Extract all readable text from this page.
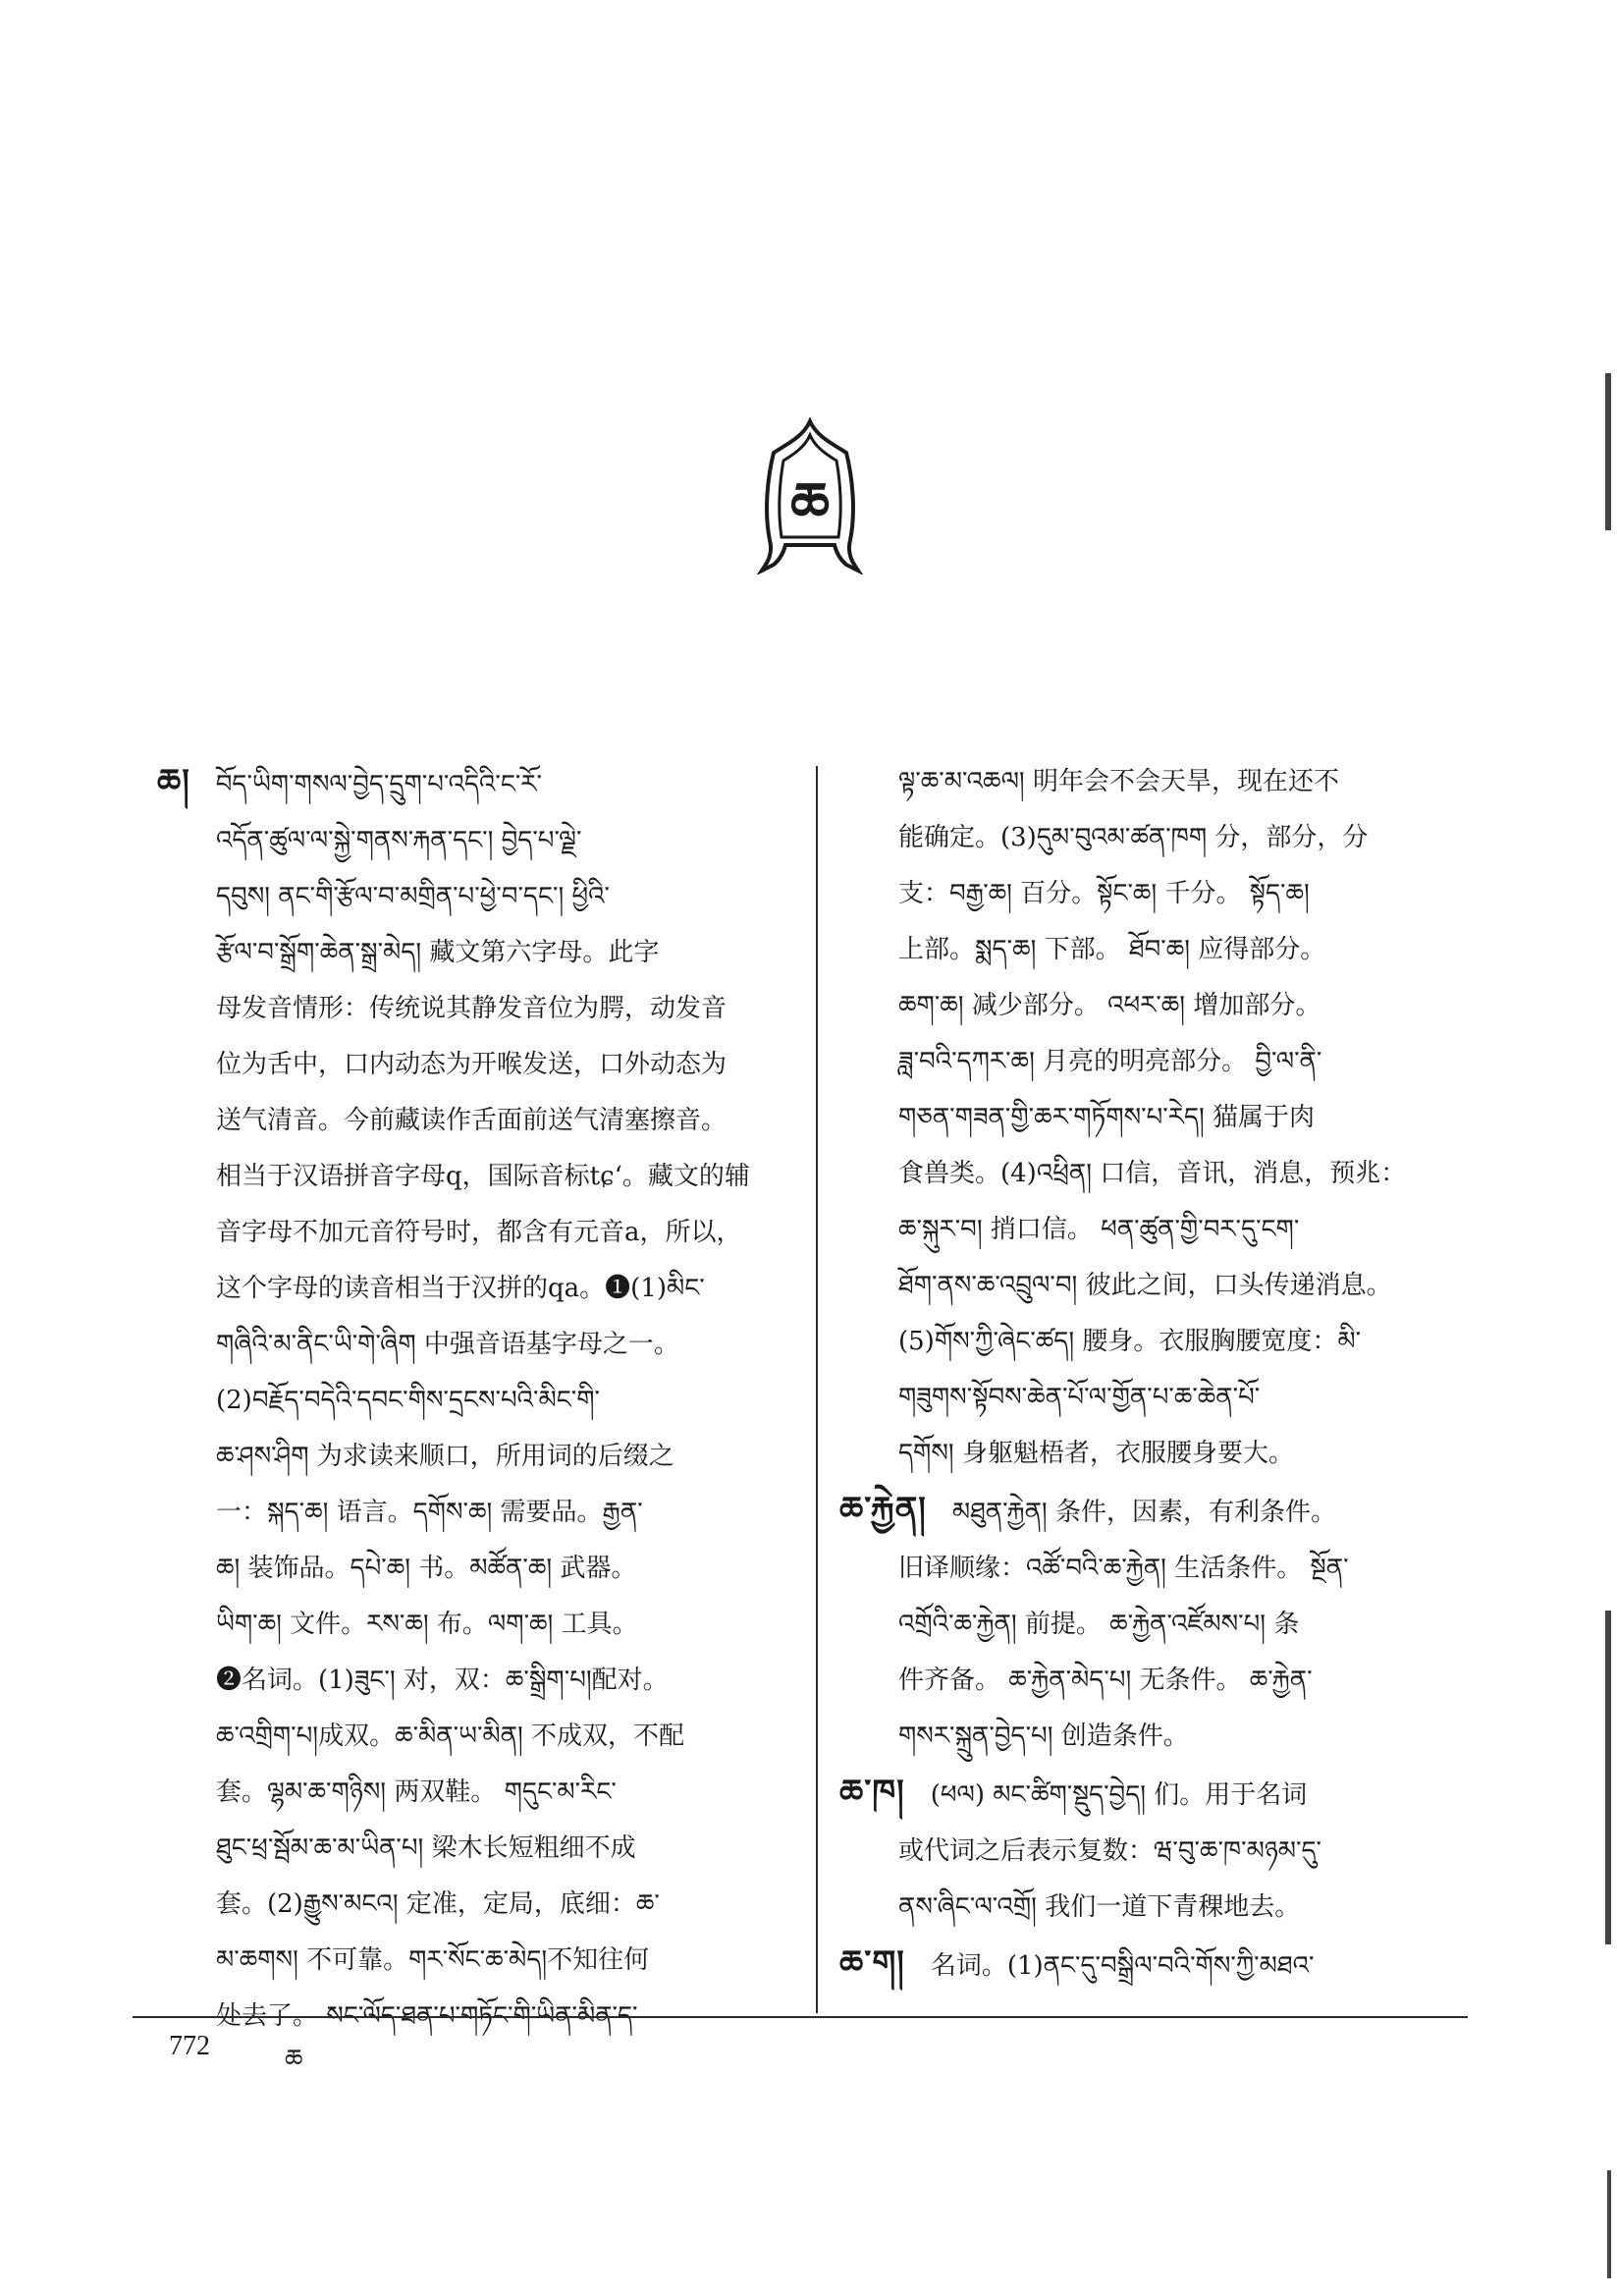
ཆ
ཆ། བོད་ཡིག་གསལ་བྱེད་དྲུག་པ་འདིའི་ང་རོ་
འདོན་ཚུལ་ལ་སྐྱེ་གནས་རྐན་དང་། བྱེད་པ་ལྗེ་
དབུས། ནང་གི་རྩོལ་བ་མགྲིན་པ་ཕྱེ་བ་དང་། ཕྱིའི་
རྩོལ་བ་སྒྲོག་ཆེན་སྒྲ་མེད། 藏文第六字母。此字
母发音情形：传统说其静发音位为腭，动发音
位为舌中，口内动态为开喉发送，口外动态为
送气清音。今前藏读作舌面前送气清塞擦音。
相当于汉语拼音字母q，国际音标tɕʻ。藏文的辅
音字母不加元音符号时，都含有元音a，所以，
这个字母的读音相当于汉拼的qa。❶(1)མིང་
གཞིའི་མ་ནིང་ཡི་གེ་ཞིག 中强音语基字母之一。
(2)བརྗོད་བདེའི་དབང་གིས་དྲངས་པའི་མིང་གི་
ཆ་ཤས་ཤིག 为求读来顺口，所用词的后缀之
一：སྐད་ཆ། 语言。དགོས་ཆ། 需要品。རྒྱན་
ཆ། 装饰品。དཔེ་ཆ། 书。མཚོན་ཆ། 武器。
ཡིག་ཆ། 文件。རས་ཆ། 布。ལག་ཆ། 工具。
❷名词。(1)ཟུང་། 对，双：ཆ་སྒྲིག་པ།配对。
ཆ་འགྲིག་པ།成双。ཆ་མིན་ཡ་མིན། 不成双，不配
套。ལྷམ་ཆ་གཉིས། 两双鞋。 གདུང་མ་རིང་
ཐུང་ཕྲ་སྦོམ་ཆ་མ་ཡིན་པ། 梁木长短粗细不成
套。(2)རྒྱུས་མངའ། 定准，定局，底细：ཆ་
མ་ཆགས། 不可靠。གར་སོང་ཆ་མེད།不知往何
处去了。 སང་ལོད་ཐན་པ་གཏོང་གི་ཡིན་མིན་ད་
ལྟ་ཆ་མ་འཆལ། 明年会不会天旱，现在还不
能确定。(3)དུམ་བུའམ་ཚན་ཁག 分，部分，分
支：བརྒྱ་ཆ། 百分。སྟོང་ཆ། 千分。 སྟོད་ཆ།
上部。སྨད་ཆ། 下部。 ཐོབ་ཆ། 应得部分。
ཆག་ཆ། 减少部分。 འཕར་ཆ། 增加部分。
ཟླ་བའི་དཀར་ཆ། 月亮的明亮部分。 བྱི་ལ་ནི་
གཅན་གཟན་གྱི་ཆར་གཏོགས་པ་རེད། 猫属于肉
食兽类。(4)འཕྲིན། 口信，音讯，消息，预兆：
ཆ་སྐུར་བ། 捎口信。 ཕན་ཚུན་གྱི་བར་དུ་ངག་
ཐོག་ནས་ཆ་འབྲུལ་བ། 彼此之间，口头传递消息。
(5)གོས་ཀྱི་ཞེང་ཚད། 腰身。衣服胸腰宽度：མི་
གཟུགས་སྟོབས་ཆེན་པོ་ལ་གྱོན་པ་ཆ་ཆེན་པོ་
དགོས། 身躯魁梧者，衣服腰身要大。
ཆ་རྐྱེན། མཐུན་རྐྱེན། 条件，因素，有利条件。
旧译顺缘：འཚོ་བའི་ཆ་རྐྱེན། 生活条件。 སྔོན་
འགྲོའི་ཆ་རྐྱེན། 前提。 ཆ་རྐྱེན་འཛོམས་པ། 条
件齐备。 ཆ་རྐྱེན་མེད་པ། 无条件。 ཆ་རྐྱེན་
གསར་སྐྲུན་བྱེད་པ། 创造条件。
ཆ་ཁ། (ཕལ) མང་ཚིག་སྡུད་བྱེད། 们。用于名词
或代词之后表示复数：ཝ་བུ་ཆ་ཁ་མཉམ་དུ་
ནས་ཞིང་ལ་འགྲོ། 我们一道下青稞地去。
ཆ་ག། 名词。(1)ནང་དུ་བསྒྲིལ་བའི་གོས་ཀྱི་མཐའ་
772	ཆ
